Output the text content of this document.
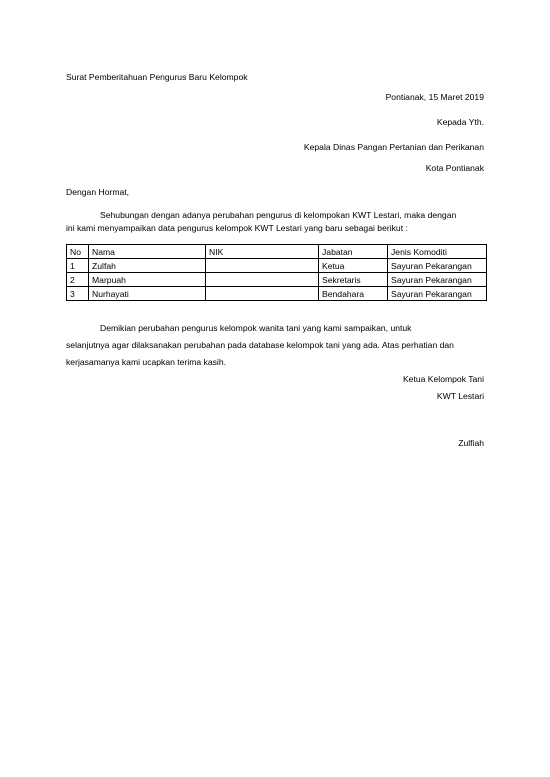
Surat Pemberitahuan Pengurus Baru Kelompok
Pontianak, 15 Maret 2019
Kepada Yth.
Kepala Dinas Pangan Pertanian dan Perikanan
Kota Pontianak
Dengan Hormat,
Sehubungan dengan adanya perubahan pengurus di kelompokan KWT Lestari, maka dengan
ini kami menyampaikan data pengurus kelompok KWT Lestari yang baru sebagai berikut :
No	Nama	NIK	Jabatan	Jenis Komoditi
1	Zulfah		Ketua	Sayuran Pekarangan
2	Marpuah		Sekretaris	Sayuran Pekarangan
3	Nurhayati		Bendahara	Sayuran Pekarangan
Demikian perubahan pengurus kelompok wanita tani yang kami sampaikan, untuk
selanjutnya agar dilaksanakan perubahan pada database kelompok tani yang ada. Atas perhatian dan
kerjasamanya kami ucapkan terima kasih.
Ketua Kelompok Tani
KWT Lestari
Zulfiah
